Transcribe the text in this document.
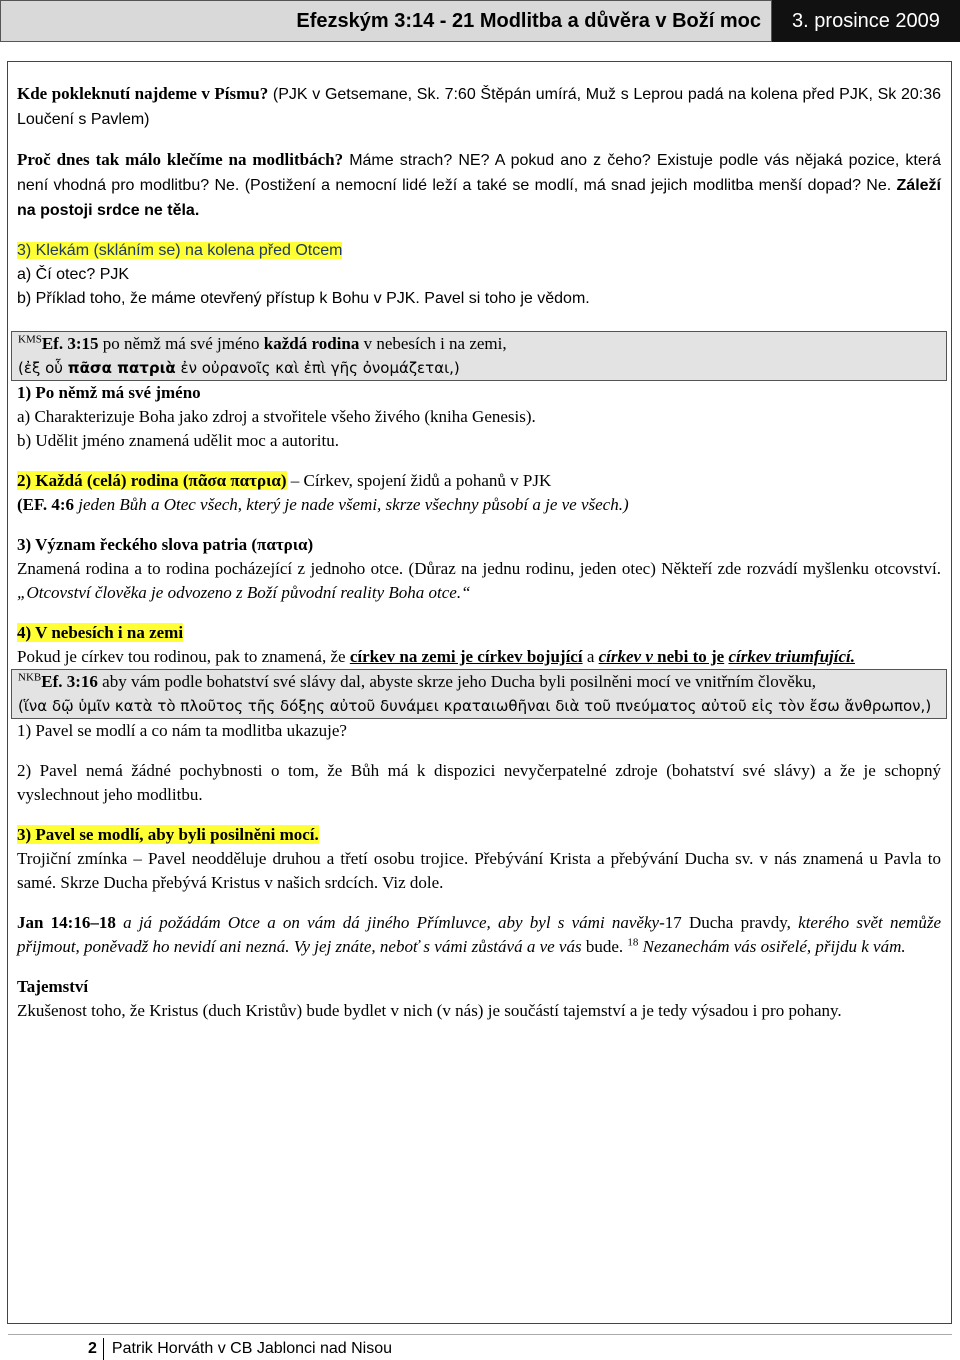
Efezským 3:14 - 21 Modlitba a důvěra v Boží moc	3. prosince 2009

Kde pokleknutí najdeme v Písmu? (PJK v Getsemane, Sk. 7:60 Štěpán umírá, Muž s Leprou padá na kolena před PJK, Sk 20:36 Loučení s Pavlem)

Proč dnes tak málo klečíme na modlitbách? Máme strach? NE? A pokud ano z čeho? Existuje podle vás nějaká pozice, která není vhodná pro modlitbu? Ne. (Postižení a nemocní lidé leží a také se modlí, má snad jejich modlitba menší dopad? Ne. Záleží na postoji srdce ne těla.

3) Klekám (skláním se) na kolena před Otcem

a) Čí otec? PJK

b) Příklad toho, že máme otevřený přístup k Bohu v PJK. Pavel si toho je vědom.

$^{KMS}$Ef. 3:15 po němž má své jméno každá rodina v nebesích i na zemi,

(ἐξ οὗ πᾶσα πατριὰ ἐν οὐρανοῖς καὶ ἐπὶ γῆς ὀνομάζεται,)

1) Po němž má své jméno

a) Charakterizuje Boha jako zdroj a stvořitele všeho živého (kniha Genesis).

b) Udělit jméno znamená udělit moc a autoritu.

2) Každá (celá) rodina (πᾶσα πατρια) – Církev, spojení židů a pohanů v PJK

(EF. 4:6 jeden Bůh a Otec všech, který je nade všemi, skrze všechny působí a je ve všech.)

3) Význam řeckého slova patria (πατρια)

Znamená rodina a to rodina pocházející z jednoho otce. (Důraz na jednu rodinu, jeden otec) Někteří zde rozvádí myšlenku otcovství. „Otcovství člověka je odvozeno z Boží původní reality Boha otce.“

4) V nebesích i na zemi

Pokud je církev tou rodinou, pak to znamená, že církev na zemi je církev bojující a církev v nebi to je církev triumfující.

$^{NKB}$Ef. 3:16 aby vám podle bohatství své slávy dal, abyste skrze jeho Ducha byli posilněni mocí ve vnitřním člověku,

(ἵνα δῷ ὑμῖν κατὰ τὸ πλοῦτος τῆς δόξης αὐτοῦ δυνάμει κραταιωθῆναι διὰ τοῦ πνεύματος αὐτοῦ εἰς τὸν ἔσω ἄνθρωπον,)

1) Pavel se modlí a co nám ta modlitba ukazuje?

2) Pavel nemá žádné pochybnosti o tom, že Bůh má k dispozici nevyčerpatelné zdroje (bohatství své slávy) a že je schopný vyslechnout jeho modlitbu.

3) Pavel se modlí, aby byli posilněni mocí.

Trojiční zmínka – Pavel neodděluje druhou a třetí osobu trojice. Přebývání Krista a přebývání Ducha sv. v nás znamená u Pavla to samé. Skrze Ducha přebývá Kristus v našich srdcích. Viz dole.

Jan 14:16–18 a já požádám Otce a on vám dá jiného Přímluvce, aby byl s vámi navěky-17 Ducha pravdy, kterého svět nemůže přijmout, poněvadž ho nevidí ani nezná. Vy jej znáte, neboť s vámi zůstává a ve vás bude. $^{18}$ Nezanechám vás osiřelé, přijdu k vám.

Tajemství

Zkušenost toho, že Kristus (duch Kristův) bude bydlet v nich (v nás) je součástí tajemství a je tedy výsadou i pro pohany.

2 Patrik Horváth v CB Jablonci nad Nisou
